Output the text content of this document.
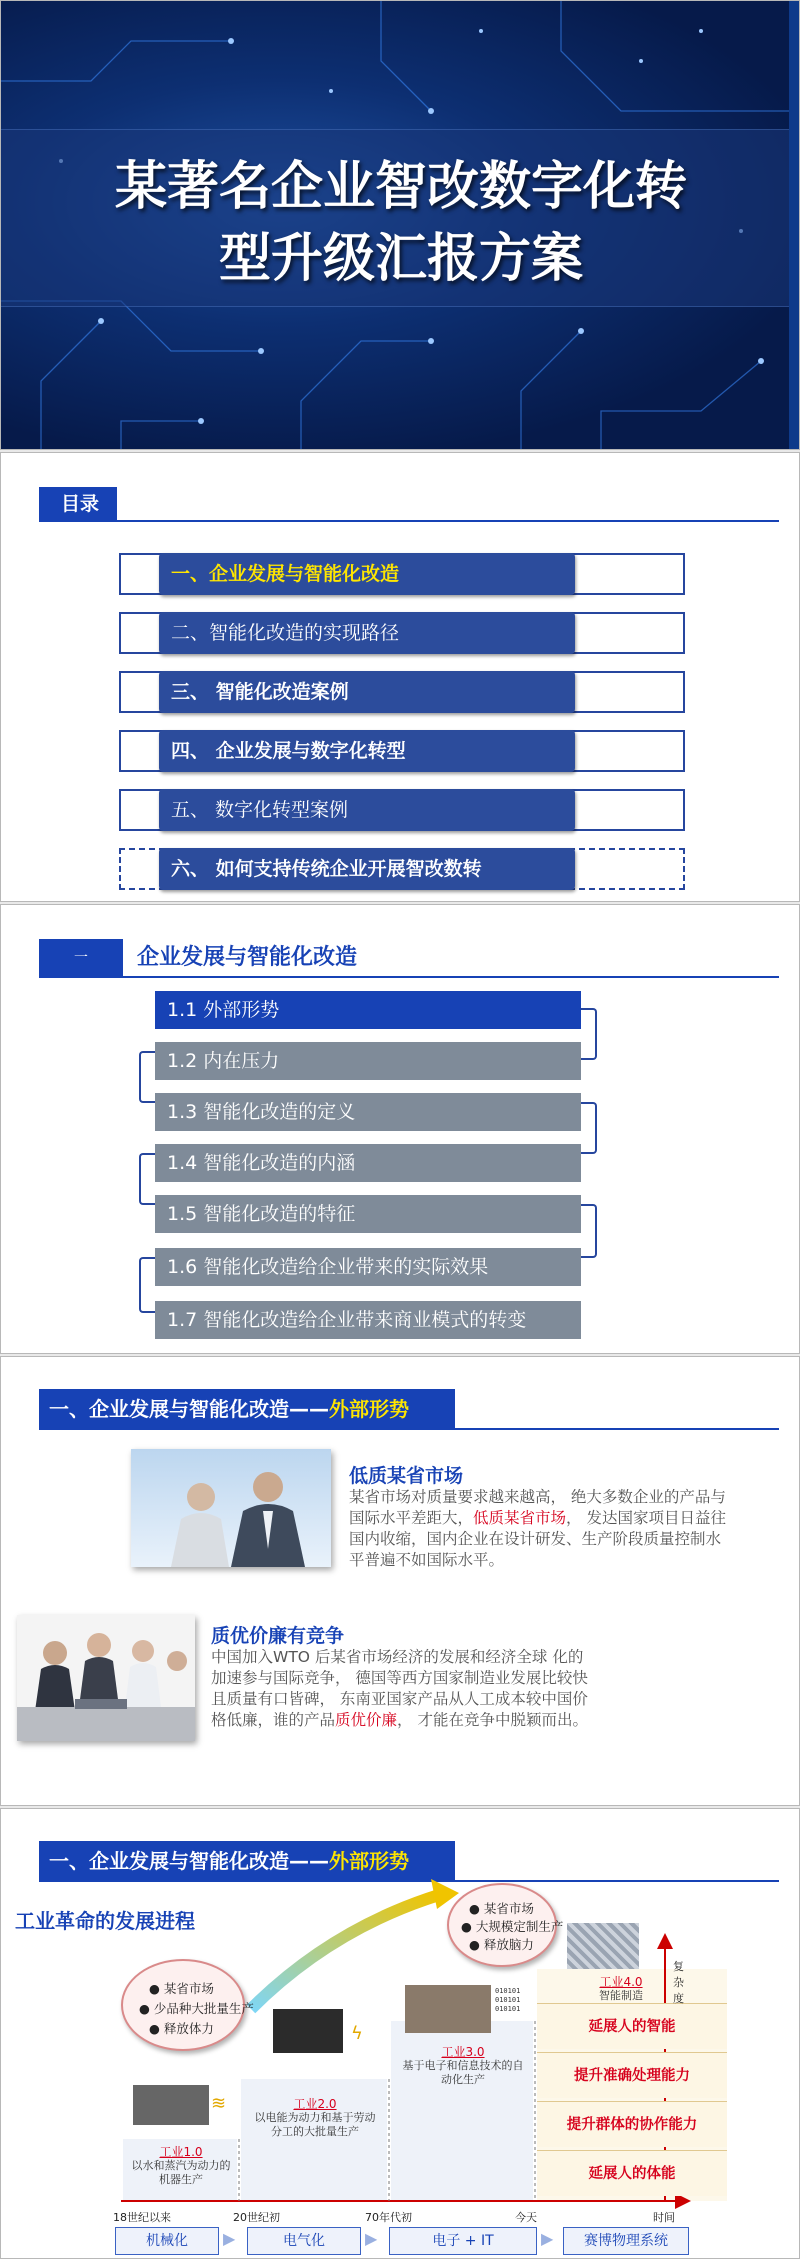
某著名企业智改数字化转
型升级汇报方案
目录
一、企业发展与智能化改造
二、智能化改造的实现路径
三、 智能化改造案例
四、 企业发展与数字化转型
五、 数字化转型案例
六、 如何支持传统企业开展智改数转
一	企业发展与智能化改造
1.1 外部形势
1.2 内在压力
1.3 智能化改造的定义
1.4 智能化改造的内涵
1.5 智能化改造的特征
1.6 智能化改造给企业带来的实际效果
1.7 智能化改造给企业带来商业模式的转变
一、企业发展与智能化改造——外部形势
低质某省市场
某省市场对质量要求越来越高， 绝大多数企业的产品与国际水平差距大，低质某省市场， 发达国家项目日益往国内收缩，国内企业在设计研发、生产阶段质量控制水平普遍不如国际水平。
质优价廉有竞争
中国加入WTO 后某省市场经济的发展和经济全球 化的加速参与国际竞争， 德国等西方国家制造业发展比较快且质量有口皆碑， 东南亚国家产品从人工成本较中国价格低廉，谁的产品质优价廉， 才能在竞争中脱颖而出。
一、企业发展与智能化改造——外部形势
工业革命的发展进程
● 某省市场
● 少品种大批量生产
● 释放体力
● 某省市场
● 大规模定制生产
● 释放脑力
≋
ϟ
010101
010101
010101
工业1.0
以水和蒸汽为动力的机器生产
工业2.0
以电能为动力和基于劳动分工的大批量生产
工业3.0
基于电子和信息技术的自动化生产
工业4.0
智能制造
延展人的智能
提升准确处理能力
提升群体的协作能力
延展人的体能
复杂度
18世纪以来	20世纪初	70年代初	今天	时间
机械化	▶	电气化	▶	电子 + IT	▶	赛博物理系统
